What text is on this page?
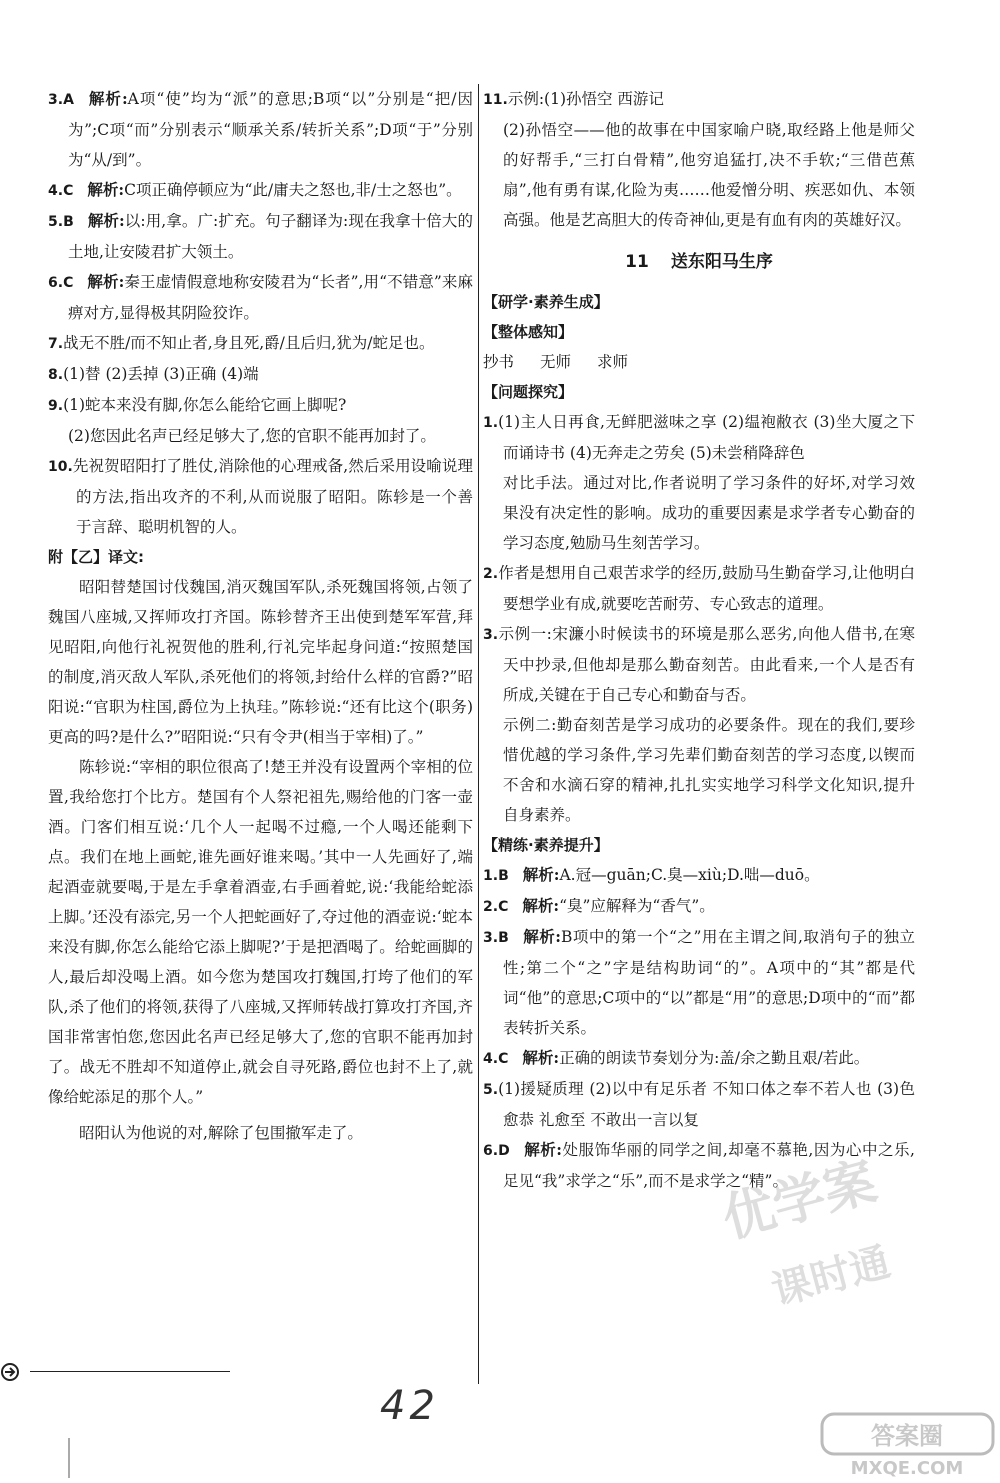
3.A 解析:A项“使”均为“派”的意思;B项“以”分别是“把/因为”;C项“而”分别表示“顺承关系/转折关系”;D项“于”分别为“从/到”。

4.C 解析:C项正确停顿应为“此/庸夫之怒也,非/士之怒也”。

5.B 解析:以:用,拿。广:扩充。句子翻译为:现在我拿十倍大的土地,让安陵君扩大领土。

6.C 解析:秦王虚情假意地称安陵君为“长者”,用“不错意”来麻痹对方,显得极其阴险狡诈。

7.战无不胜/而不知止者,身且死,爵/且后归,犹为/蛇足也。

8.(1)替 (2)丢掉 (3)正确 (4)端

9.(1)蛇本来没有脚,你怎么能给它画上脚呢?

(2)您因此名声已经足够大了,您的官职不能再加封了。

10.先祝贺昭阳打了胜仗,消除他的心理戒备,然后采用设喻说理的方法,指出攻齐的不利,从而说服了昭阳。陈轸是一个善于言辞、聪明机智的人。

附【乙】译文:

昭阳替楚国讨伐魏国,消灭魏国军队,杀死魏国将领,占领了魏国八座城,又挥师攻打齐国。陈轸替齐王出使到楚军军营,拜见昭阳,向他行礼祝贺他的胜利,行礼完毕起身问道:“按照楚国的制度,消灭敌人军队,杀死他们的将领,封给什么样的官爵?”昭阳说:“官职为柱国,爵位为上执珪。”陈轸说:“还有比这个(职务)更高的吗?是什么?”昭阳说:“只有令尹(相当于宰相)了。”

陈轸说:“宰相的职位很高了!楚王并没有设置两个宰相的位置,我给您打个比方。楚国有个人祭祀祖先,赐给他的门客一壶酒。门客们相互说:‘几个人一起喝不过瘾,一个人喝还能剩下点。我们在地上画蛇,谁先画好谁来喝。’其中一人先画好了,端起酒壶就要喝,于是左手拿着酒壶,右手画着蛇,说:‘我能给蛇添上脚。’还没有添完,另一个人把蛇画好了,夺过他的酒壶说:‘蛇本来没有脚,你怎么能给它添上脚呢?’于是把酒喝了。给蛇画脚的人,最后却没喝上酒。如今您为楚国攻打魏国,打垮了他们的军队,杀了他们的将领,获得了八座城,又挥师转战打算攻打齐国,齐国非常害怕您,您因此名声已经足够大了,您的官职不能再加封了。战无不胜却不知道停止,就会自寻死路,爵位也封不上了,就像给蛇添足的那个人。”

昭阳认为他说的对,解除了包围撤军走了。

11.示例:(1)孙悟空 西游记

(2)孙悟空——他的故事在中国家喻户晓,取经路上他是师父的好帮手,“三打白骨精”,他穷追猛打,决不手软;“三借芭蕉扇”,他有勇有谋,化险为夷……他爱憎分明、疾恶如仇、本领高强。他是艺高胆大的传奇神仙,更是有血有肉的英雄好汉。

11 送东阳马生序

【研学·素养生成】

【整体感知】

抄书 无师 求师

【问题探究】

1.(1)主人日再食,无鲜肥滋味之享 (2)缊袍敝衣 (3)坐大厦之下而诵诗书 (4)无奔走之劳矣 (5)未尝稍降辞色

对比手法。通过对比,作者说明了学习条件的好坏,对学习效果没有决定性的影响。成功的重要因素是求学者专心勤奋的学习态度,勉励马生刻苦学习。

2.作者是想用自己艰苦求学的经历,鼓励马生勤奋学习,让他明白要想学业有成,就要吃苦耐劳、专心致志的道理。

3.示例一:宋濂小时候读书的环境是那么恶劣,向他人借书,在寒天中抄录,但他却是那么勤奋刻苦。由此看来,一个人是否有所成,关键在于自己专心和勤奋与否。

示例二:勤奋刻苦是学习成功的必要条件。现在的我们,要珍惜优越的学习条件,学习先辈们勤奋刻苦的学习态度,以锲而不舍和水滴石穿的精神,扎扎实实地学习科学文化知识,提升自身素养。

【精练·素养提升】

1.B 解析:A.冠—guān;C.臭—xiù;D.咄—duō。

2.C 解析:“臭”应解释为“香气”。

3.B 解析:B项中的第一个“之”用在主谓之间,取消句子的独立性;第二个“之”字是结构助词“的”。A项中的“其”都是代词“他”的意思;C项中的“以”都是“用”的意思;D项中的“而”都表转折关系。

4.C 解析:正确的朗读节奏划分为:盖/余之勤且艰/若此。

5.(1)援疑质理 (2)以中有足乐者 不知口体之奉不若人也 (3)色愈恭 礼愈至 不敢出一言以复

6.D 解析:处服饰华丽的同学之间,却毫不慕艳,因为心中之乐,足见“我”求学之“乐”,而不是求学之“精”。

优学案
课时通
42
答案圈
MXQE.COM
